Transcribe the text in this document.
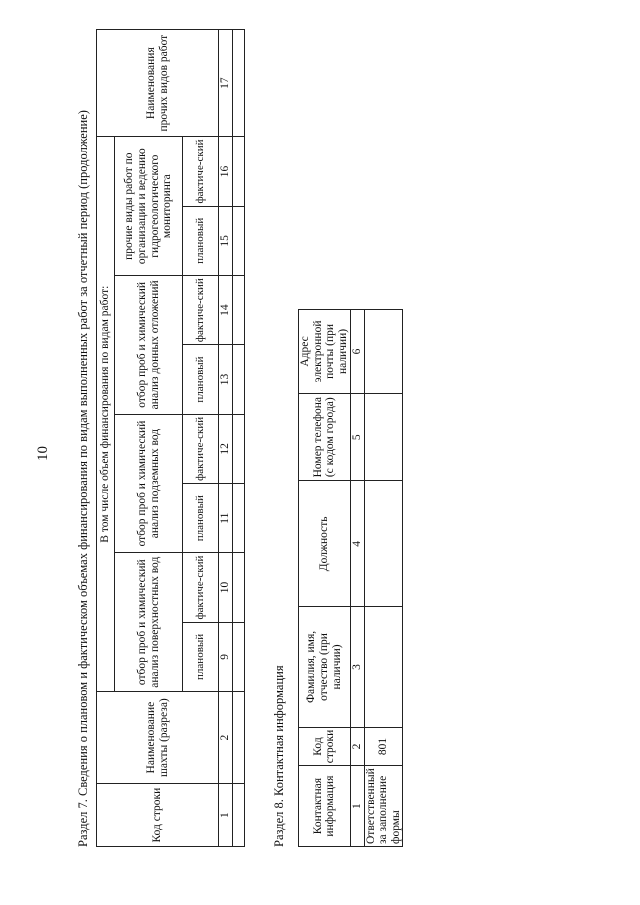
10 Раздел 7. Сведения о плановом и фактическом объемах финансирования по видам выполненных работ за отчетный период (продолжение)	Код строки	Наименование шахты (разреза)	В том числе объем финансирования по видам работ:								Наименования прочих видов работ
		отбор проб и химический анализ поверхностных вод		отбор проб и химический анализ подземных вод		отбор проб и химический анализ донных отложений		прочие виды работ по организации и ведению гидрогеологического мониторинга		
		плановый	фактиче-ский	плановый	фактиче-ский	плановый	фактиче-ский	плановый	фактиче-ский	
1	2	9	10	11	12	13	14	15	16	17

Раздел 8. Контактная информация Контактная информация	Код строки	Фамилия, имя, отчество (при наличии)	Должность	Номер телефона (с кодом города)	Адрес электронной почты (при наличии)
1	2	3	4	5	6
Ответственный за заполнение формы	801				
